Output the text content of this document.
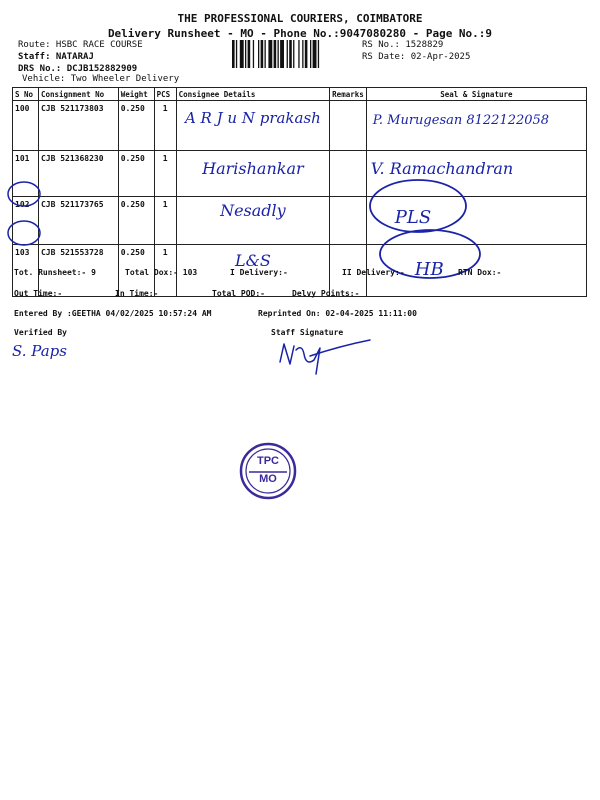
THE PROFESSIONAL COURIERS, COIMBATORE
Delivery Runsheet - MO - Phone No.:9047080280 - Page No.:9
Route: HSBC RACE COURSE
Staff: NATARAJ
DRS No.: DCJB152882909
Vehicle: Two Wheeler Delivery
RS No.: 1528829
RS Date: 02-Apr-2025
S No	Consignment No	Weight	PCS	Consignee Details	Remarks	Seal & Signature
100	CJB 521173803	0.250	1	A R J u N prakash		P. Murugesan 8122122058
101	CJB 521368230	0.250	1	Harishankar		V. Ramachandran
102	CJB 521173765	0.250	1	Nesadly		PLS
103	CJB 521553728	0.250	1	L&S		HB
Tot. Runsheet:- 9	Total Dox:- 103	I Delivery:-	II Delivery:-	RTN Dox:-
Out Time:-	In Time:-	Total POD:-	Delvy Points:-
Entered By :GEETHA 04/02/2025 10:57:24 AM	Reprinted On: 02-04-2025 11:11:00
Verified By
S. Paps
Staff Signature
TPC
MO
